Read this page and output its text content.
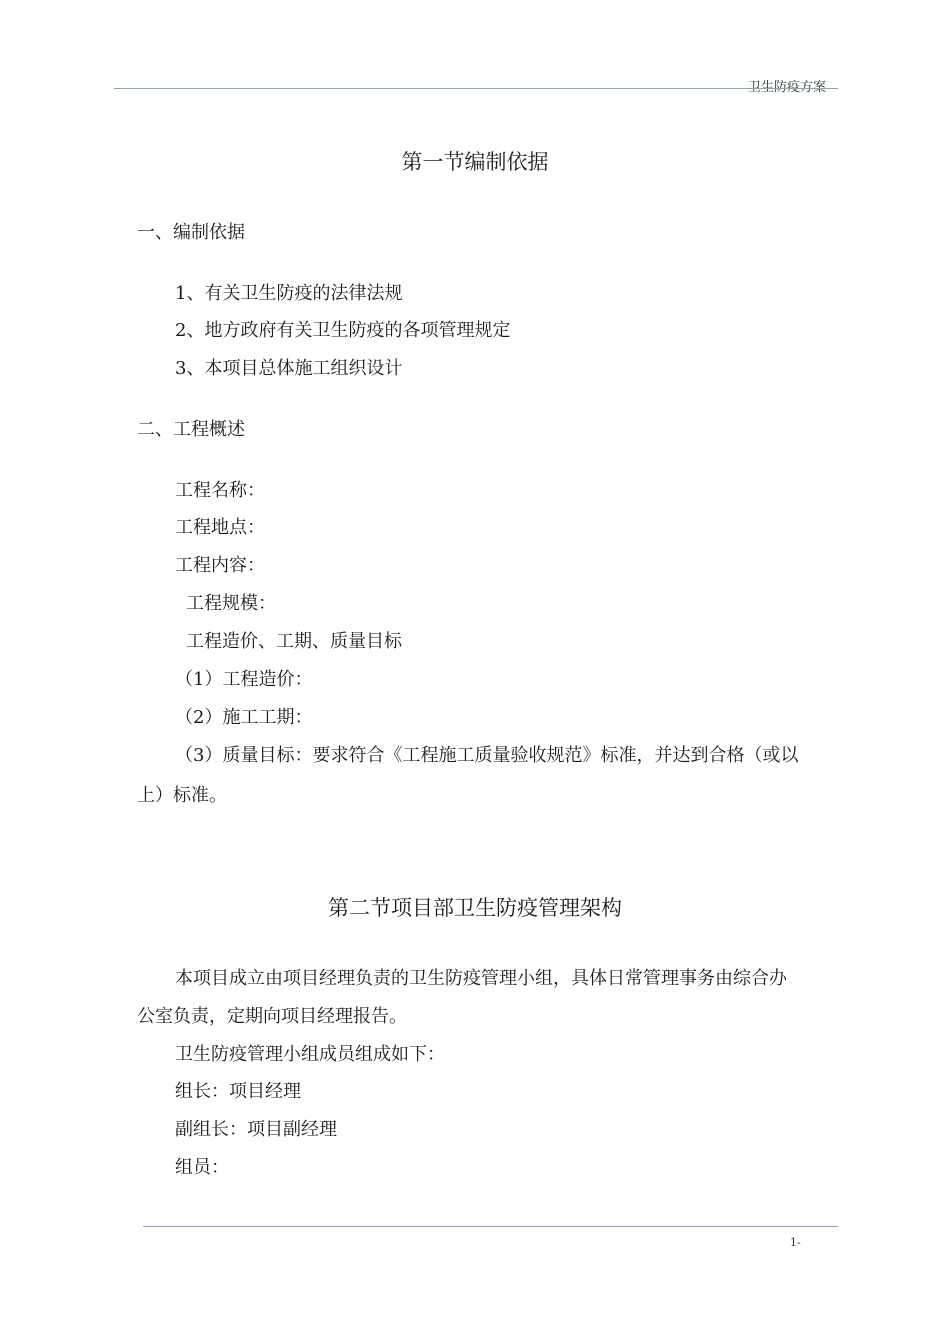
卫生防疫方案
第一节编制依据
一、编制依据
1、有关卫生防疫的法律法规
2、地方政府有关卫生防疫的各项管理规定
3、本项目总体施工组织设计
二、工程概述
工程名称：
工程地点：
工程内容：
工程规模：
工程造价、工期、质量目标
（1）工程造价：
（2）施工工期：
（3）质量目标：要求符合《工程施工质量验收规范》标准，并达到合格（或以
上）标准。
第二节项目部卫生防疫管理架构
本项目成立由项目经理负责的卫生防疫管理小组，具体日常管理事务由综合办
公室负责，定期向项目经理报告。
卫生防疫管理小组成员组成如下：
组长：项目经理
副组长：项目副经理
组员：
1-
